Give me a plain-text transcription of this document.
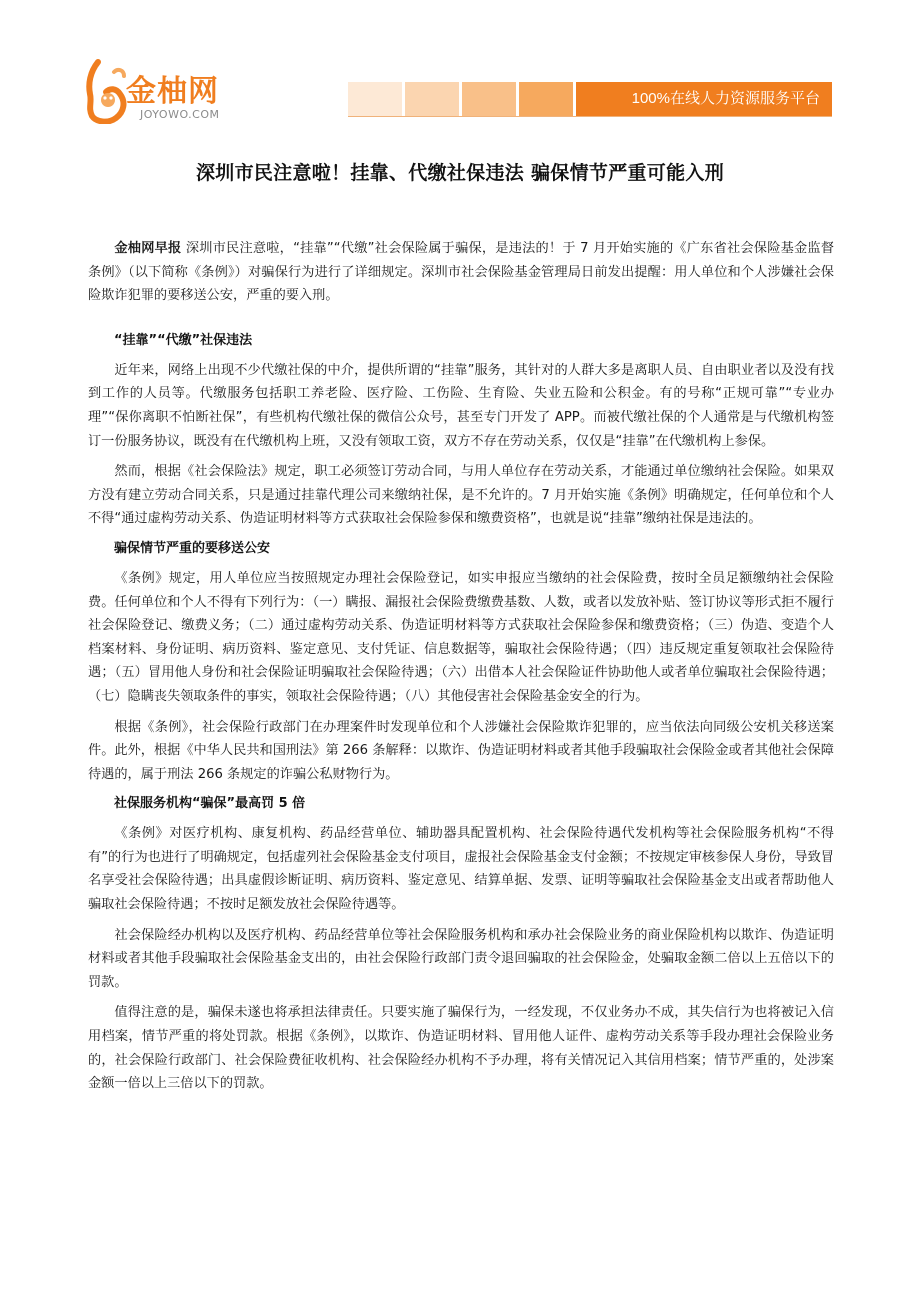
金柚网
JOYOWO.COM
100%在线人力资源服务平台
深圳市民注意啦！挂靠、代缴社保违法 骗保情节严重可能入刑

金柚网早报 深圳市民注意啦，“挂靠”“代缴”社会保险属于骗保，是违法的！于 7 月开始实施的《广东省社会保险基金监督条例》（以下简称《条例》）对骗保行为进行了详细规定。深圳市社会保险基金管理局日前发出提醒：用人单位和个人涉嫌社会保险欺诈犯罪的要移送公安，严重的要入刑。

“挂靠”“代缴”社保违法

近年来，网络上出现不少代缴社保的中介，提供所谓的“挂靠”服务，其针对的人群大多是离职人员、自由职业者以及没有找到工作的人员等。代缴服务包括职工养老险、医疗险、工伤险、生育险、失业五险和公积金。有的号称“正规可靠”“专业办理”“保你离职不怕断社保”，有些机构代缴社保的微信公众号，甚至专门开发了 APP。而被代缴社保的个人通常是与代缴机构签订一份服务协议，既没有在代缴机构上班，又没有领取工资，双方不存在劳动关系，仅仅是“挂靠”在代缴机构上参保。

然而，根据《社会保险法》规定，职工必须签订劳动合同，与用人单位存在劳动关系，才能通过单位缴纳社会保险。如果双方没有建立劳动合同关系，只是通过挂靠代理公司来缴纳社保，是不允许的。7 月开始实施《条例》明确规定，任何单位和个人不得“通过虚构劳动关系、伪造证明材料等方式获取社会保险参保和缴费资格”，也就是说“挂靠”缴纳社保是违法的。

骗保情节严重的要移送公安

《条例》规定，用人单位应当按照规定办理社会保险登记，如实申报应当缴纳的社会保险费，按时全员足额缴纳社会保险费。任何单位和个人不得有下列行为：（一）瞒报、漏报社会保险费缴费基数、人数，或者以发放补贴、签订协议等形式拒不履行社会保险登记、缴费义务；（二）通过虚构劳动关系、伪造证明材料等方式获取社会保险参保和缴费资格；（三）伪造、变造个人档案材料、身份证明、病历资料、鉴定意见、支付凭证、信息数据等，骗取社会保险待遇；（四）违反规定重复领取社会保险待遇；（五）冒用他人身份和社会保险证明骗取社会保险待遇；（六）出借本人社会保险证件协助他人或者单位骗取社会保险待遇；（七）隐瞒丧失领取条件的事实，领取社会保险待遇；（八）其他侵害社会保险基金安全的行为。

根据《条例》，社会保险行政部门在办理案件时发现单位和个人涉嫌社会保险欺诈犯罪的，应当依法向同级公安机关移送案件。此外，根据《中华人民共和国刑法》第 266 条解释：以欺诈、伪造证明材料或者其他手段骗取社会保险金或者其他社会保障待遇的，属于刑法 266 条规定的诈骗公私财物行为。

社保服务机构“骗保”最高罚 5 倍

《条例》对医疗机构、康复机构、药品经营单位、辅助器具配置机构、社会保险待遇代发机构等社会保险服务机构“不得有”的行为也进行了明确规定，包括虚列社会保险基金支付项目，虚报社会保险基金支付金额；不按规定审核参保人身份，导致冒名享受社会保险待遇；出具虚假诊断证明、病历资料、鉴定意见、结算单据、发票、证明等骗取社会保险基金支出或者帮助他人骗取社会保险待遇；不按时足额发放社会保险待遇等。

社会保险经办机构以及医疗机构、药品经营单位等社会保险服务机构和承办社会保险业务的商业保险机构以欺诈、伪造证明材料或者其他手段骗取社会保险基金支出的，由社会保险行政部门责令退回骗取的社会保险金，处骗取金额二倍以上五倍以下的罚款。

值得注意的是，骗保未遂也将承担法律责任。只要实施了骗保行为，一经发现，不仅业务办不成，其失信行为也将被记入信用档案，情节严重的将处罚款。根据《条例》，以欺诈、伪造证明材料、冒用他人证件、虚构劳动关系等手段办理社会保险业务的，社会保险行政部门、社会保险费征收机构、社会保险经办机构不予办理，将有关情况记入其信用档案；情节严重的，处涉案金额一倍以上三倍以下的罚款。
